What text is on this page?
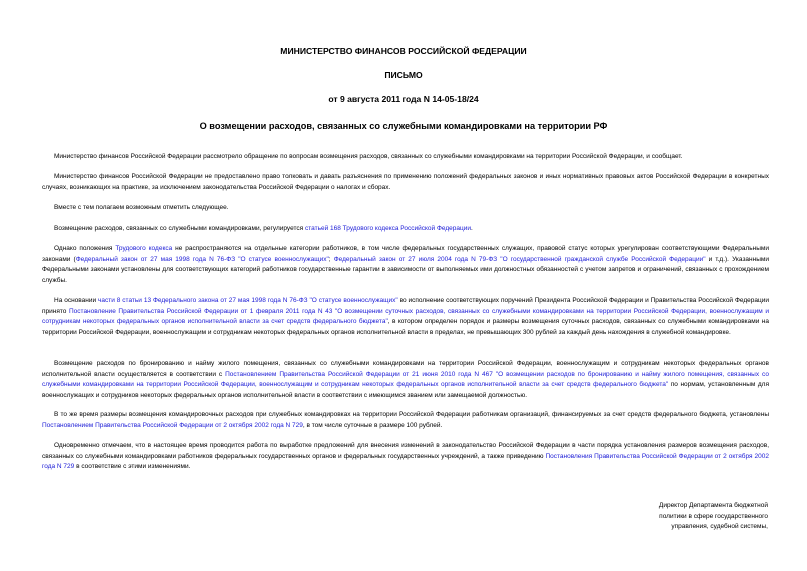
МИНИСТЕРСТВО ФИНАНСОВ РОССИЙСКОЙ ФЕДЕРАЦИИ
ПИСЬМО
от 9 августа 2011 года N 14-05-18/24
О возмещении расходов, связанных со служебными командировками на территории РФ

Министерство финансов Российской Федерации рассмотрело обращение по вопросам возмещения расходов, связанных со служебными командировками на территории Российской Федерации, и сообщает.

Министерство финансов Российской Федерации не предоставлено право толковать и давать разъяснения по применению положений федеральных законов и иных нормативных правовых актов Российской Федерации в конкретных случаях, возникающих на практике, за исключением законодательства Российской Федерации о налогах и сборах.

Вместе с тем полагаем возможным отметить следующее.

Возмещение расходов, связанных со служебными командировками, регулируется статьей 168 Трудового кодекса Российской Федерации.

Однако положения Трудового кодекса не распространяются на отдельные категории работников, в том числе федеральных государственных служащих, правовой статус которых урегулирован соответствующими Федеральными законами (Федеральный закон от 27 мая 1998 года N 76-ФЗ "О статусе военнослужащих"; Федеральный закон от 27 июля 2004 года N 79-ФЗ "О государственной гражданской службе Российской Федерации" и т.д.). Указанными Федеральными законами установлены для соответствующих категорий работников государственные гарантии в зависимости от выполняемых ими должностных обязанностей с учетом запретов и ограничений, связанных с прохождением службы.

На основании части 8 статьи 13 Федерального закона от 27 мая 1998 года N 76-ФЗ "О статусе военнослужащих" во исполнение соответствующих поручений Президента Российской Федерации и Правительства Российской Федерации принято Постановление Правительства Российской Федерации от 1 февраля 2011 года N 43 "О возмещении суточных расходов, связанных со служебными командировками на территории Российской Федерации, военнослужащим и сотрудникам некоторых федеральных органов исполнительной власти за счет средств федерального бюджета", в котором определен порядок и размеры возмещения суточных расходов, связанных со служебными командировками на территории Российской Федерации, военнослужащим и сотрудникам некоторых федеральных органов исполнительной власти в пределах, не превышающих 300 рублей за каждый день нахождения в служебной командировке.

Возмещение расходов по бронированию и найму жилого помещения, связанных со служебными командировками на территории Российской Федерации, военнослужащим и сотрудникам некоторых федеральных органов исполнительной власти осуществляется в соответствии с Постановлением Правительства Российской Федерации от 21 июня 2010 года N 467 "О возмещении расходов по бронированию и найму жилого помещения, связанных со служебными командировками на территории Российской Федерации, военнослужащим и сотрудникам некоторых федеральных органов исполнительной власти за счет средств федерального бюджета" по нормам, установленным для военнослужащих и сотрудников некоторых федеральных органов исполнительной власти в соответствии с имеющимся званием или замещаемой должностью.

В то же время размеры возмещения командировочных расходов при служебных командировках на территории Российской Федерации работникам организаций, финансируемых за счет средств федерального бюджета, установлены Постановлением Правительства Российской Федерации от 2 октября 2002 года N 729, в том числе суточные в размере 100 рублей.

Одновременно отмечаем, что в настоящее время проводится работа по выработке предложений для внесения изменений в законодательство Российской Федерации в части порядка установления размеров возмещения расходов, связанных со служебными командировками работников федеральных государственных органов и федеральных государственных учреждений, а также приведению Постановления Правительства Российской Федерации от 2 октября 2002 года N 729 в соответствие с этими изменениями.

Директор Департамента бюджетной
политики в сфере государственного
управления, судебной системы,
